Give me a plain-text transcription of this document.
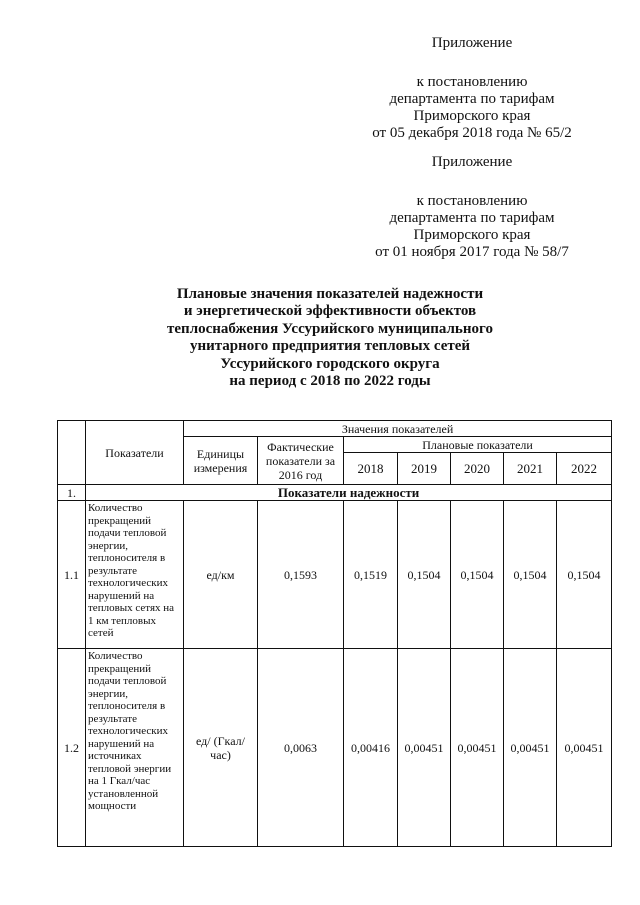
Приложение
к постановлению
департамента по тарифам
Приморского края
от 05 декабря 2018 года № 65/2
Приложение
к постановлению
департамента по тарифам
Приморского края
от 01 ноября 2017 года № 58/7
Плановые значения показателей надежности
и энергетической эффективности объектов
теплоснабжения Уссурийского муниципального
унитарного предприятия тепловых сетей
Уссурийского городского округа
на период с 2018 по 2022 годы
	Показатели	Значения показателей						
		Единицы измерения	Фактические показатели за 2016 год	Плановые показатели				
				2018	2019	2020	2021	2022
1.	Показатели надежности							
1.1	Количество прекращений подачи тепловой энергии, теплоносителя в результате технологических нарушений на тепловых сетях на 1 км тепловых сетей	ед/км	0,1593	0,1519	0,1504	0,1504	0,1504	0,1504
1.2	Количество прекращений подачи тепловой энергии, теплоносителя в результате технологических нарушений на источниках тепловой энергии на 1 Гкал/час установленной мощности	ед/ (Гкал/час)	0,0063	0,00416	0,00451	0,00451	0,00451	0,00451
